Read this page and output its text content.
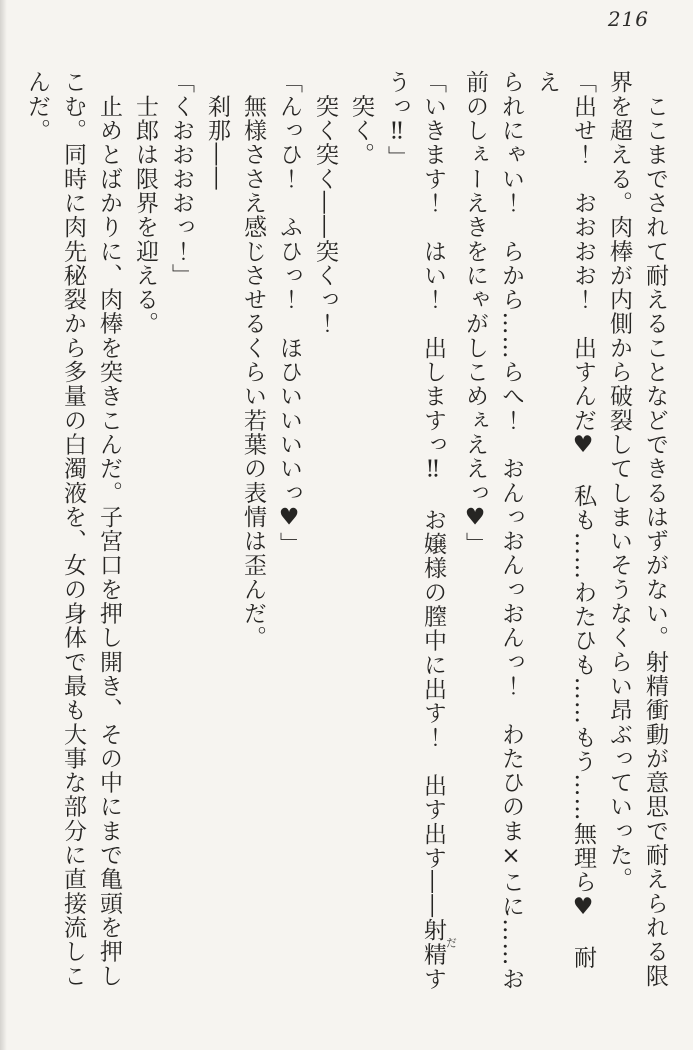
216
　ここまでされて耐えることなどできるはずがない。射精衝動が意思で耐えられる限
界を超える。肉棒が内側から破裂してしまいそうなくらい昂ぶっていった。
「出せ！　おおおお！　出すんだ♥　私も……わたひも……もう……無理ら♥　耐え
られにゃい！　らから……らへ！　おんっおんっおんっ！　わたひのま×こに……お
前のしぇーえきをにゃがしこめぇええっ♥」
「いきます！　はい！　出しますっ‼　お嬢様の膣中に出す！　出す出す――射精だす
うっ‼」
　突く。
　突く突く――突くっ！
「んっひ！　ふひっ！　ほひいいいいっ♥」
　無様ささえ感じさせるくらい若葉の表情は歪んだ。
　刹那――
「くおおおおっ！」
　士郎は限界を迎える。
　止めとばかりに、肉棒を突きこんだ。子宮口を押し開き、その中にまで亀頭を押し
こむ。同時に肉先秘裂から多量の白濁液を、女の身体で最も大事な部分に直接流しこ
んだ。
